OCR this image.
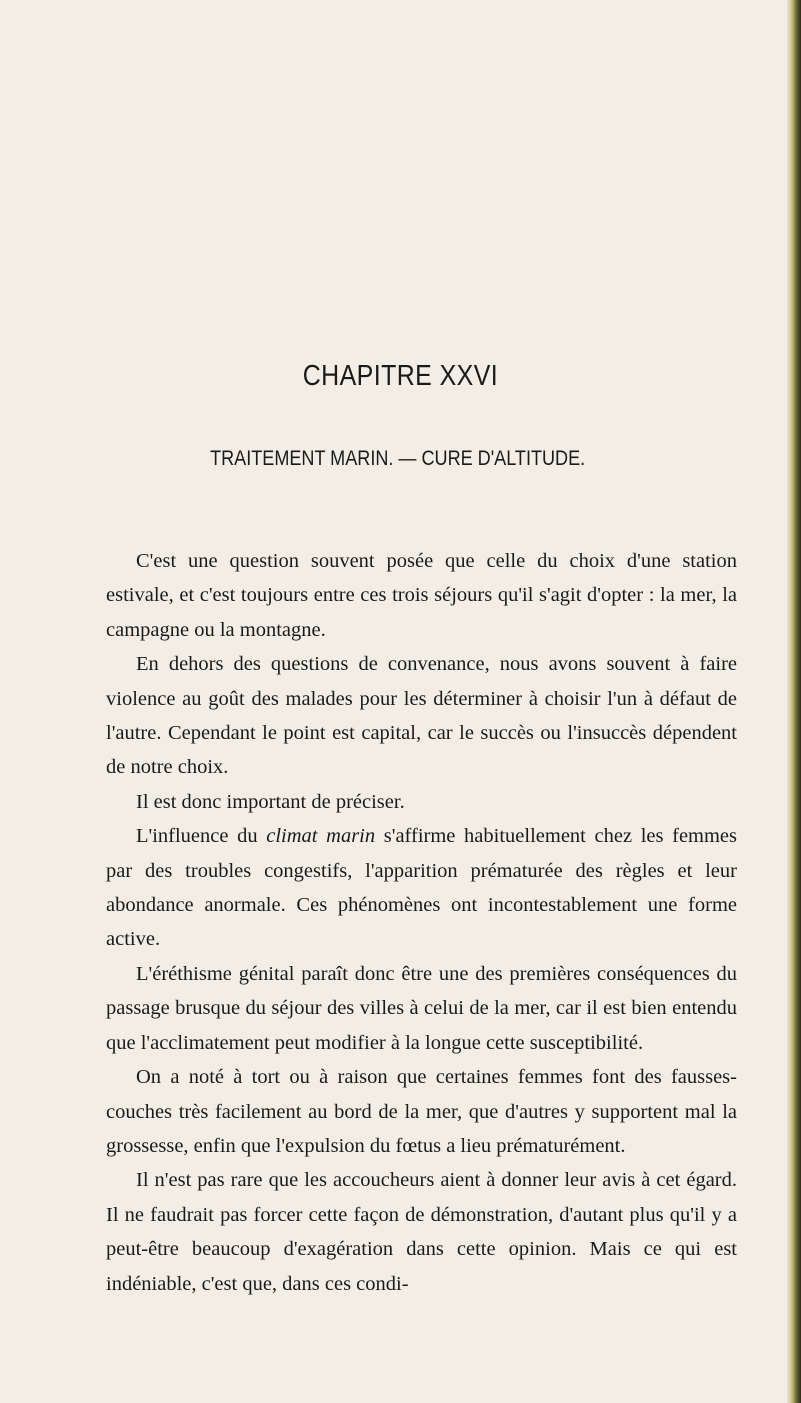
CHAPITRE XXVI
TRAITEMENT MARIN. — CURE D'ALTITUDE.

C'est une question souvent posée que celle du choix d'une station estivale, et c'est toujours entre ces trois séjours qu'il s'agit d'opter : la mer, la campagne ou la montagne.

En dehors des questions de convenance, nous avons souvent à faire violence au goût des malades pour les déterminer à choisir l'un à défaut de l'autre. Cependant le point est capital, car le succès ou l'insuccès dépendent de notre choix.

Il est donc important de préciser.

L'influence du climat marin s'affirme habituellement chez les femmes par des troubles congestifs, l'apparition prématurée des règles et leur abondance anormale. Ces phénomènes ont incontestablement une forme active.

L'éréthisme génital paraît donc être une des premières conséquences du passage brusque du séjour des villes à celui de la mer, car il est bien entendu que l'acclimatement peut modifier à la longue cette susceptibilité.

On a noté à tort ou à raison que certaines femmes font des fausses-couches très facilement au bord de la mer, que d'autres y supportent mal la grossesse, enfin que l'expulsion du fœtus a lieu prématurément.

Il n'est pas rare que les accoucheurs aient à donner leur avis à cet égard. Il ne faudrait pas forcer cette façon de démonstration, d'autant plus qu'il y a peut-être beaucoup d'exagération dans cette opinion. Mais ce qui est indéniable, c'est que, dans ces condi-
